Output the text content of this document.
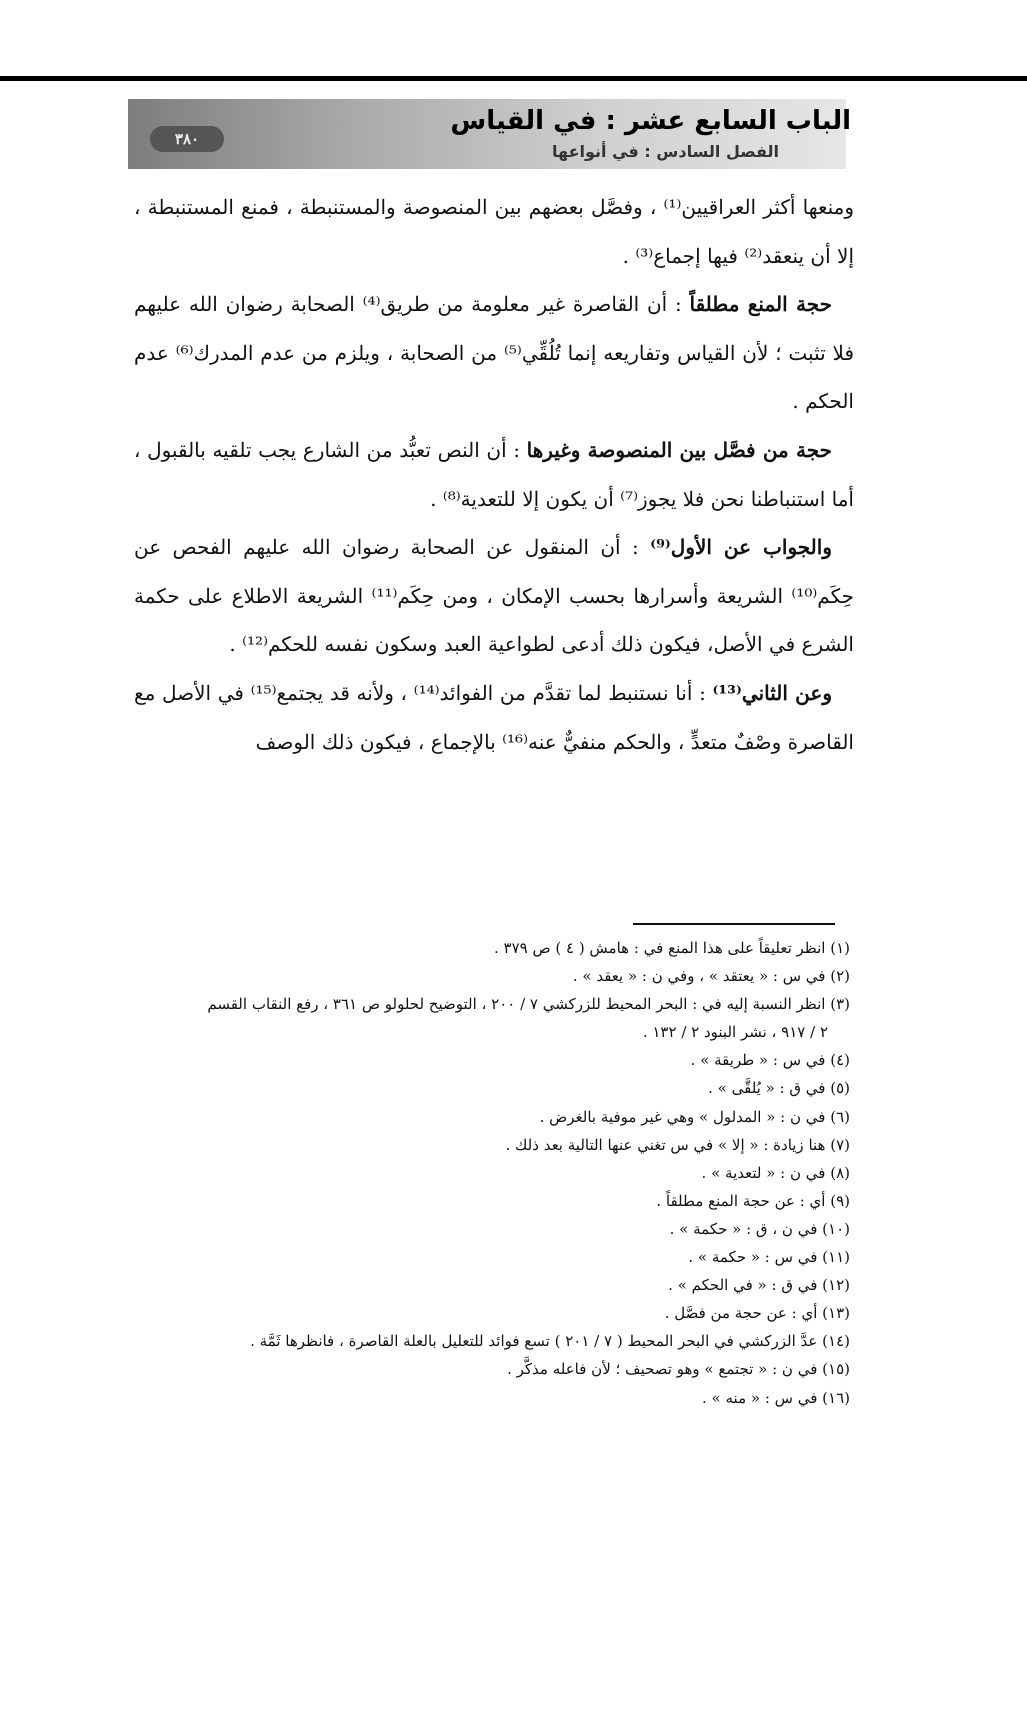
٣٨٠
الباب السابع عشر : في القياس
الفصل السادس : في أنواعها

ومنعها أكثر العراقيين⁽¹⁾ ، وفصَّل بعضهم بين المنصوصة والمستنبطة ، فمنع المستنبطة ، إلا أن ينعقد⁽²⁾ فيها إجماع⁽³⁾ .

حجة المنع مطلقاً : أن القاصرة غير معلومة من طريق⁽⁴⁾ الصحابة رضوان الله عليهم فلا تثبت ؛ لأن القياس وتفاريعه إنما تُلُقِّي⁽⁵⁾ من الصحابة ، ويلزم من عدم المدرك⁽⁶⁾ عدم الحكم .

حجة من فصَّل بين المنصوصة وغيرها : أن النص تعبُّد من الشارع يجب تلقيه بالقبول ، أما استنباطنا نحن فلا يجوز⁽⁷⁾ أن يكون إلا للتعدية⁽⁸⁾ .

والجواب عن الأول⁽⁹⁾ : أن المنقول عن الصحابة رضوان الله عليهم الفحص عن حِكَم⁽¹⁰⁾ الشريعة وأسرارها بحسب الإمكان ، ومن حِكَم⁽¹¹⁾ الشريعة الاطلاع على حكمة الشرع في الأصل، فيكون ذلك أدعى لطواعية العبد وسكون نفسه للحكم⁽¹²⁾ .

وعن الثاني⁽¹³⁾ : أنا نستنبط لما تقدَّم من الفوائد⁽¹⁴⁾ ، ولأنه قد يجتمع⁽¹⁵⁾ في الأصل مع القاصرة وصْفٌ متعدٍّ ، والحكم منفيٌّ عنه⁽¹⁶⁾ بالإجماع ، فيكون ذلك الوصف

(١) انظر تعليقاً على هذا المنع في : هامش ( ٤ ) ص ٣٧٩ .
(٢) في س : « يعتقد » ، وفي ن : « يعقد » .
(٣) انظر النسبة إليه في : البحر المحيط للزركشي ٧ / ٢٠٠ ، التوضيح لحلولو ص ٣٦١ ، رفع النقاب القسم
٢ / ٩١٧ ، نشر البنود ٢ / ١٣٢ .
(٤) في س : « طريقة » .
(٥) في ق : « يُلقَّى » .
(٦) في ن : « المدلول » وهي غير موفية بالغرض .
(٧) هنا زيادة : « إلا » في س تغني عنها التالية بعد ذلك .
(٨) في ن : « لتعدية » .
(٩) أي : عن حجة المنع مطلقاً .
(١٠) في ن ، ق : « حكمة » .
(١١) في س : « حكمة » .
(١٢) في ق : « في الحكم » .
(١٣) أي : عن حجة من فصَّل .
(١٤) عدَّ الزركشي في البحر المحيط ( ٧ / ٢٠١ ) تسع فوائد للتعليل بالعلة القاصرة ، فانظرها ثَمَّة .
(١٥) في ن : « تجتمع » وهو تصحيف ؛ لأن فاعله مذكَّر .
(١٦) في س : « منه » .
